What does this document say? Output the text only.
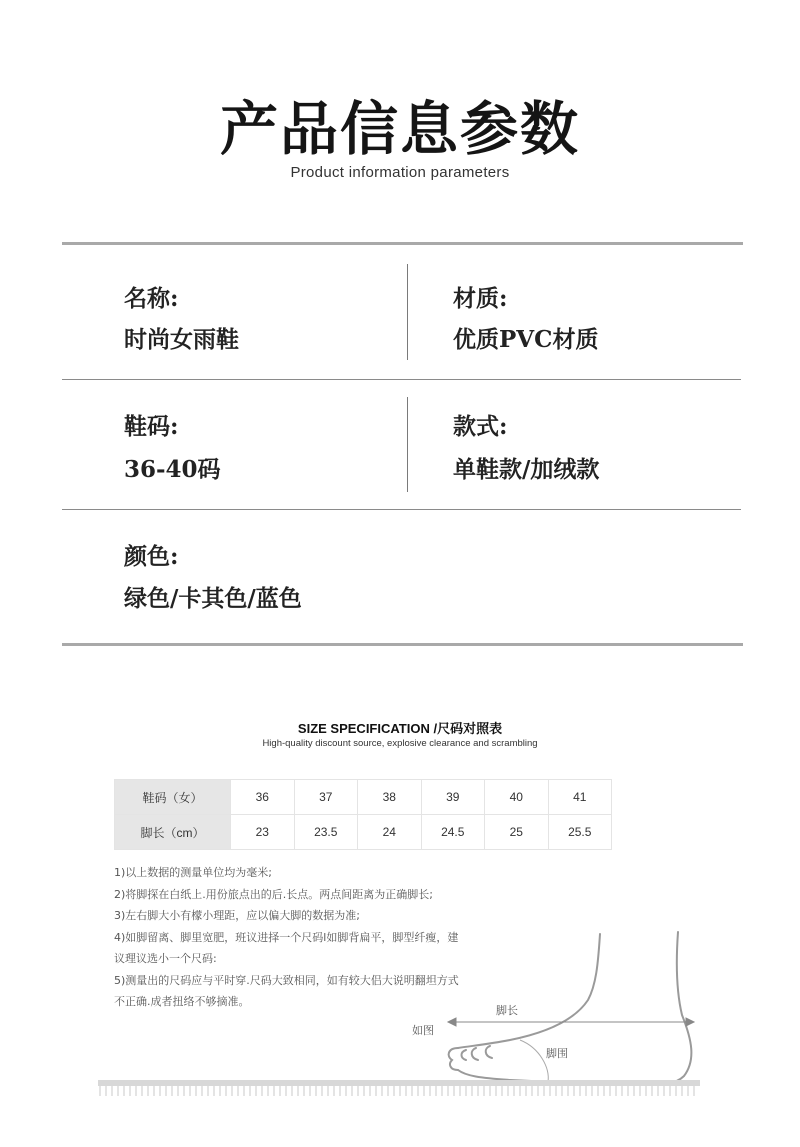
产品信息参数
Product information parameters
名称:
时尚女雨鞋
材质:
优质PVC材质
鞋码:
36-40码
款式:
单鞋款/加绒款
颜色:
绿色/卡其色/蓝色
SIZE SPECIFICATION /尺码对照表
High-quality discount source, explosive clearance and scrambling
鞋码（女）	36	37	38	39	40	41
脚长（cm）	23	23.5	24	24.5	25	25.5
1)以上数据的测量单位均为毫米;
2)将脚探在白纸上.用份旅点出的后.长点。两点间距离为正确脚长;
3)左右脚大小有檬小理距，应以偏大脚的数据为准;
4)如脚留离、脚里宽肥，班议进择一个尺码l如脚背扁平，脚型纤瘦，建
议理议选小一个尺码:
5)测量出的尺码应与平时穿.尺码大致相同，如有较大侣大说明翻坦方式
不正确.成者扭络不够摘准。
如图
脚长
脚围
